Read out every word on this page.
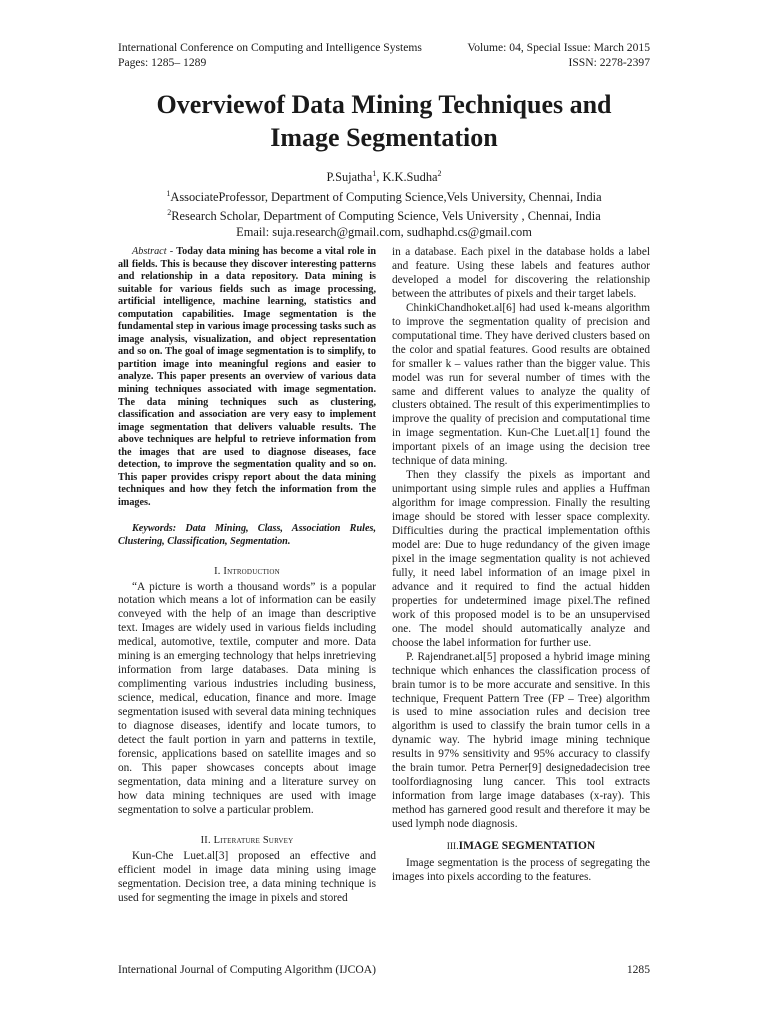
International Conference on Computing and Intelligence Systems	Volume: 04, Special Issue: March 2015
Pages: 1285– 1289	ISSN: 2278-2397
Overviewof Data Mining Techniques and
Image Segmentation
P.Sujatha$^1$, K.K.Sudha$^2$
$^1$AssociateProfessor, Department of Computing Science,Vels University, Chennai, India
$^2$Research Scholar, Department of Computing Science, Vels University , Chennai, India
Email: suja.research@gmail.com, sudhaphd.cs@gmail.com

Abstract - Today data mining has become a vital role in all fields. This is because they discover interesting patterns and relationship in a data repository. Data mining is suitable for various fields such as image processing, artificial intelligence, machine learning, statistics and computation capabilities. Image segmentation is the fundamental step in various image processing tasks such as image analysis, visualization, and object representation and so on. The goal of image segmentation is to simplify, to partition image into meaningful regions and easier to analyze. This paper presents an overview of various data mining techniques associated with image segmentation. The data mining techniques such as clustering, classification and association are very easy to implement image segmentation that delivers valuable results. The above techniques are helpful to retrieve information from the images that are used to diagnose diseases, face detection, to improve the segmentation quality and so on. This paper provides crispy report about the data mining techniques and how they fetch the information from the images.

Keywords: Data Mining, Class, Association Rules, Clustering, Classification, Segmentation.

I. Introduction

“A picture is worth a thousand words” is a popular notation which means a lot of information can be easily conveyed with the help of an image than descriptive text. Images are widely used in various fields including medical, automotive, textile, computer and more. Data mining is an emerging technology that helps inretrieving information from large databases. Data mining is complimenting various industries including business, science, medical, education, finance and more. Image segmentation isused with several data mining techniques to diagnose diseases, identify and locate tumors, to detect the fault portion in yarn and patterns in textile, forensic, applications based on satellite images and so on. This paper showcases concepts about image segmentation, data mining and a literature survey on how data mining techniques are used with image segmentation to solve a particular problem.

II. Literature Survey

Kun-Che Luet.al[3] proposed an effective and efficient model in image data mining using image segmentation. Decision tree, a data mining technique is used for segmenting the image in pixels and stored

in a database. Each pixel in the database holds a label and feature. Using these labels and features author developed a model for discovering the relationship between the attributes of pixels and their target labels.

ChinkiChandhoket.al[6] had used k-means algorithm to improve the segmentation quality of precision and computational time. They have derived clusters based on the color and spatial features. Good results are obtained for smaller k – values rather than the bigger value. This model was run for several number of times with the same and different values to analyze the quality of clusters obtained. The result of this experimentimplies to improve the quality of precision and computational time in image segmentation. Kun-Che Luet.al[1] found the important pixels of an image using the decision tree technique of data mining.

Then they classify the pixels as important and unimportant using simple rules and applies a Huffman algorithm for image compression. Finally the resulting image should be stored with lesser space complexity. Difficulties during the practical implementation ofthis model are: Due to huge redundancy of the given image pixel in the image segmentation quality is not achieved fully, it need label information of an image pixel in advance and it required to find the actual hidden properties for undetermined image pixel.The refined work of this proposed model is to be an unsupervised one. The model should automatically analyze and choose the label information for further use.

P. Rajendranet.al[5] proposed a hybrid image mining technique which enhances the classification process of brain tumor is to be more accurate and sensitive. In this technique, Frequent Pattern Tree (FP – Tree) algorithm is used to mine association rules and decision tree algorithm is used to classify the brain tumor cells in a dynamic way. The hybrid image mining technique results in 97% sensitivity and 95% accuracy to classify the brain tumor. Petra Perner[9] designedadecision tree toolfordiagnosing lung cancer. This tool extracts information from large image databases (x-ray). This method has garnered good result and therefore it may be used lymph node diagnosis.

III.IMAGE SEGMENTATION

Image segmentation is the process of segregating the images into pixels according to the features.

International Journal of Computing Algorithm (IJCOA)	1285
